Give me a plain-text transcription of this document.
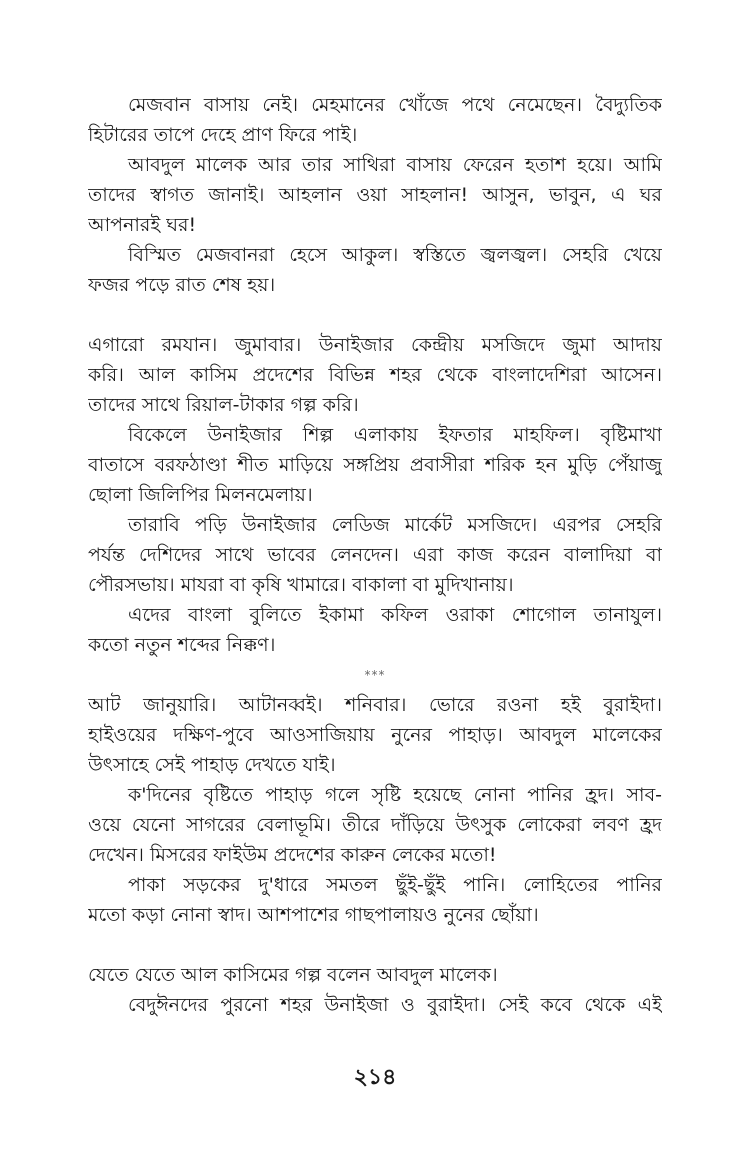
মেজবান বাসায় নেই। মেহমানের খোঁজে পথে নেমেছেন। বৈদ্যুতিক
হিটারের তাপে দেহে প্রাণ ফিরে পাই।
আবদুল মালেক আর তার সাথিরা বাসায় ফেরেন হতাশ হয়ে। আমি
তাদের স্বাগত জানাই। আহলান ওয়া সাহলান! আসুন, ভাবুন, এ ঘর
আপনারই ঘর!
বিস্মিত মেজবানরা হেসে আকুল। স্বস্তিতে জ্বলজ্বল। সেহরি খেয়ে
ফজর পড়ে রাত শেষ হয়।
এগারো রমযান। জুমাবার। উনাইজার কেন্দ্রীয় মসজিদে জুমা আদায়
করি। আল কাসিম প্রদেশের বিভিন্ন শহর থেকে বাংলাদেশিরা আসেন।
তাদের সাথে রিয়াল-টাকার গল্প করি।
বিকেলে উনাইজার শিল্প এলাকায় ইফতার মাহফিল। বৃষ্টিমাখা
বাতাসে বরফঠাণ্ডা শীত মাড়িয়ে সঙ্গপ্রিয় প্রবাসীরা শরিক হন মুড়ি পেঁয়াজু
ছোলা জিলিপির মিলনমেলায়।
তারাবি পড়ি উনাইজার লেডিজ মার্কেট মসজিদে। এরপর সেহরি
পর্যন্ত দেশিদের সাথে ভাবের লেনদেন। এরা কাজ করেন বালাদিয়া বা
পৌরসভায়। মাযরা বা কৃষি খামারে। বাকালা বা মুদিখানায়।
এদের বাংলা বুলিতে ইকামা কফিল ওরাকা শোগোল তানাযুল।
কতো নতুন শব্দের নিক্কণ।
***
আট জানুয়ারি। আটানব্বই। শনিবার। ভোরে রওনা হই বুরাইদা।
হাইওয়ের দক্ষিণ-পুবে আওসাজিয়ায় নুনের পাহাড়। আবদুল মালেকের
উৎসাহে সেই পাহাড় দেখতে যাই।
ক'দিনের বৃষ্টিতে পাহাড় গলে সৃষ্টি হয়েছে নোনা পানির হ্রদ। সাব-
ওয়ে যেনো সাগরের বেলাভূমি। তীরে দাঁড়িয়ে উৎসুক লোকেরা লবণ হ্রদ
দেখেন। মিসরের ফাইউম প্রদেশের কারুন লেকের মতো!
পাকা সড়কের দু'ধারে সমতল ছুঁই-ছুঁই পানি। লোহিতের পানির
মতো কড়া নোনা স্বাদ। আশপাশের গাছপালায়ও নুনের ছোঁয়া।
যেতে যেতে আল কাসিমের গল্প বলেন আবদুল মালেক।
বেদুঈনদের পুরনো শহর উনাইজা ও বুরাইদা। সেই কবে থেকে এই
২১৪
